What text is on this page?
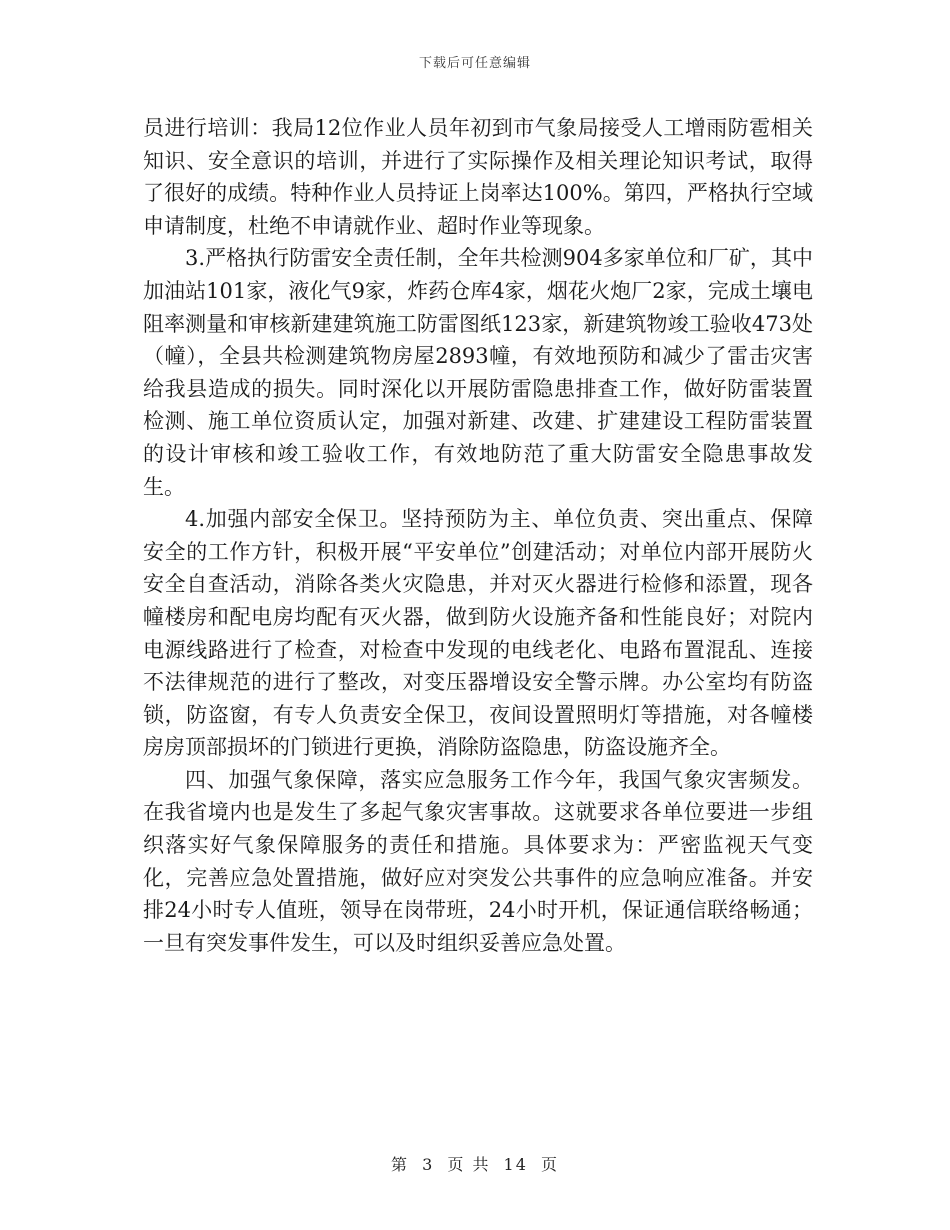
下载后可任意编辑

员进行培训：我局12位作业人员年初到市气象局接受人工增雨防雹相关知识、安全意识的培训，并进行了实际操作及相关理论知识考试，取得了很好的成绩。特种作业人员持证上岗率达100%。第四，严格执行空域申请制度，杜绝不申请就作业、超时作业等现象。

3.严格执行防雷安全责任制，全年共检测904多家单位和厂矿，其中加油站101家，液化气9家，炸药仓库4家，烟花火炮厂2家，完成土壤电阻率测量和审核新建建筑施工防雷图纸123家，新建筑物竣工验收473处（幢），全县共检测建筑物房屋2893幢，有效地预防和减少了雷击灾害给我县造成的损失。同时深化以开展防雷隐患排查工作，做好防雷装置检测、施工单位资质认定，加强对新建、改建、扩建建设工程防雷装置的设计审核和竣工验收工作，有效地防范了重大防雷安全隐患事故发生。

4.加强内部安全保卫。坚持预防为主、单位负责、突出重点、保障安全的工作方针，积极开展“平安单位”创建活动；对单位内部开展防火安全自查活动，消除各类火灾隐患，并对灭火器进行检修和添置，现各幢楼房和配电房均配有灭火器，做到防火设施齐备和性能良好；对院内电源线路进行了检查，对检查中发现的电线老化、电路布置混乱、连接不法律规范的进行了整改，对变压器增设安全警示牌。办公室均有防盗锁，防盗窗，有专人负责安全保卫，夜间设置照明灯等措施，对各幢楼房房顶部损坏的门锁进行更换，消除防盗隐患，防盗设施齐全。

四、加强气象保障，落实应急服务工作今年，我国气象灾害频发。在我省境内也是发生了多起气象灾害事故。这就要求各单位要进一步组织落实好气象保障服务的责任和措施。具体要求为：严密监视天气变化，完善应急处置措施，做好应对突发公共事件的应急响应准备。并安排24小时专人值班，领导在岗带班，24小时开机，保证通信联络畅通；一旦有突发事件发生，可以及时组织妥善应急处置。

第 3 页 共 14 页
